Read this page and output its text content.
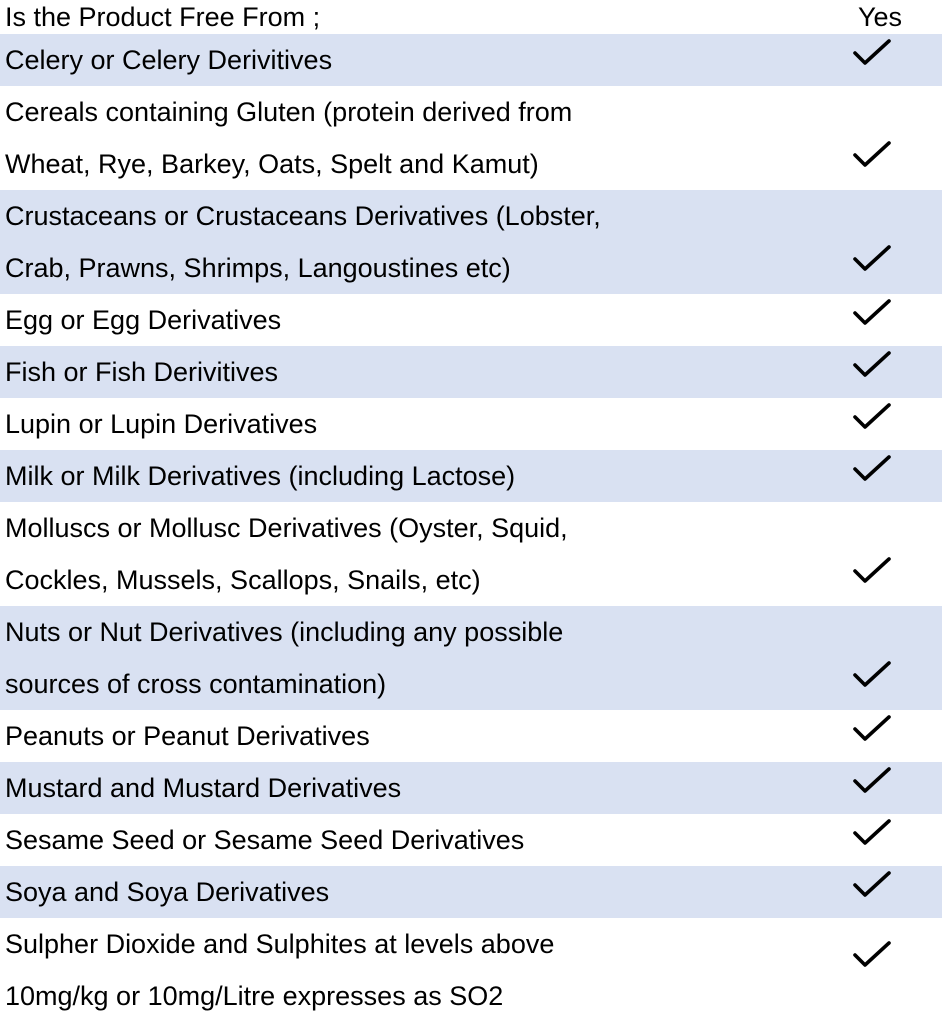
Is the Product Free From ;	Yes
Celery or Celery Derivitives
Cereals containing Gluten (protein derived from
Wheat, Rye, Barkey, Oats, Spelt and Kamut)
Crustaceans or Crustaceans Derivatives (Lobster,
Crab, Prawns, Shrimps, Langoustines etc)
Egg or Egg Derivatives
Fish or Fish Derivitives
Lupin or Lupin Derivatives
Milk or Milk Derivatives (including Lactose)
Molluscs or Mollusc Derivatives (Oyster, Squid,
Cockles, Mussels, Scallops, Snails, etc)
Nuts or Nut Derivatives (including any possible
sources of cross contamination)
Peanuts or Peanut Derivatives
Mustard and Mustard Derivatives
Sesame Seed or Sesame Seed Derivatives
Soya and Soya Derivatives
Sulpher Dioxide and Sulphites at levels above
10mg/kg or 10mg/Litre expresses as SO2
